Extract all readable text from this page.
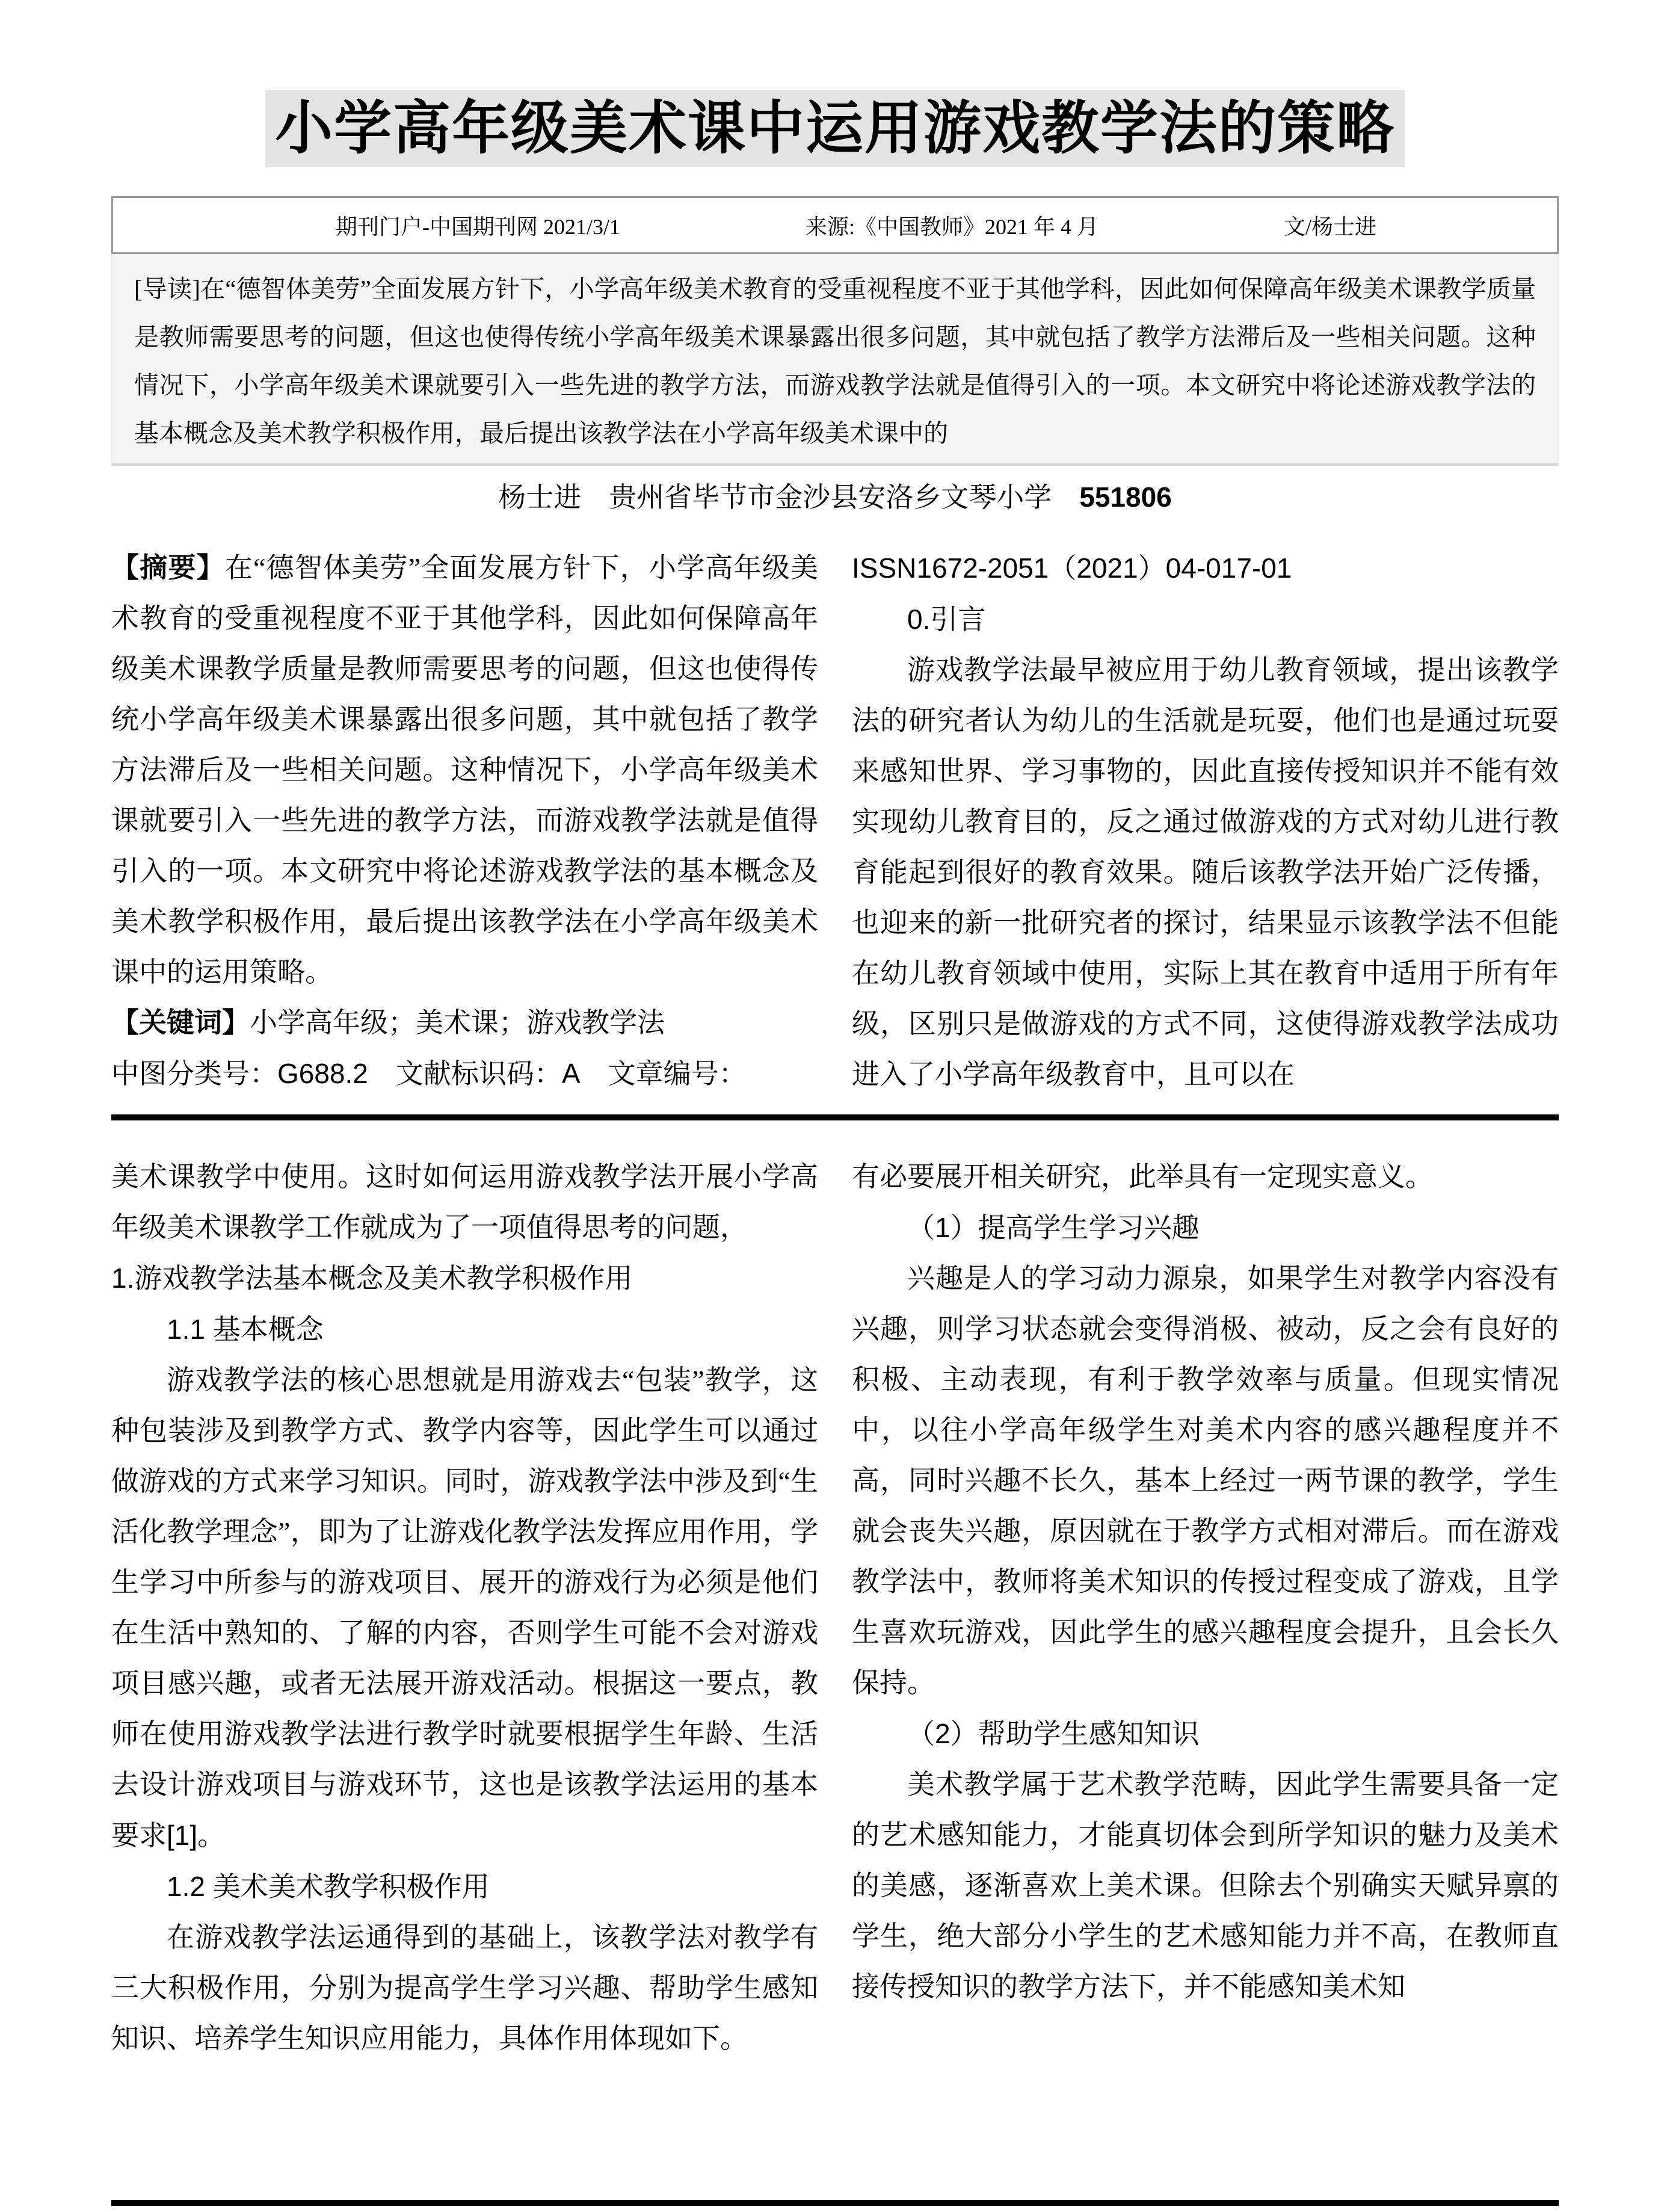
小学高年级美术课中运用游戏教学法的策略
期刊门户-中国期刊网 2021/3/1	来源:《中国教师》2021 年 4 月	文/杨士进
[导读]在“德智体美劳”全面发展方针下，小学高年级美术教育的受重视程度不亚于其他学科，因此如何保障高年级美术课教学质量是教师需要思考的问题，但这也使得传统小学高年级美术课暴露出很多问题，其中就包括了教学方法滞后及一些相关问题。这种情况下，小学高年级美术课就要引入一些先进的教学方法，而游戏教学法就是值得引入的一项。本文研究中将论述游戏教学法的基本概念及美术教学积极作用，最后提出该教学法在小学高年级美术课中的
杨士进 贵州省毕节市金沙县安洛乡文琴小学 551806

【摘要】在“德智体美劳”全面发展方针下，小学高年级美术教育的受重视程度不亚于其他学科，因此如何保障高年级美术课教学质量是教师需要思考的问题，但这也使得传统小学高年级美术课暴露出很多问题，其中就包括了教学方法滞后及一些相关问题。这种情况下，小学高年级美术课就要引入一些先进的教学方法，而游戏教学法就是值得引入的一项。本文研究中将论述游戏教学法的基本概念及美术教学积极作用，最后提出该教学法在小学高年级美术课中的运用策略。

【关键词】小学高年级；美术课；游戏教学法

中图分类号：G688.2　文献标识码：A　文章编号：

ISSN1672-2051（2021）04-017-01

0.引言

游戏教学法最早被应用于幼儿教育领域，提出该教学法的研究者认为幼儿的生活就是玩耍，他们也是通过玩耍来感知世界、学习事物的，因此直接传授知识并不能有效实现幼儿教育目的，反之通过做游戏的方式对幼儿进行教育能起到很好的教育效果。随后该教学法开始广泛传播，也迎来的新一批研究者的探讨，结果显示该教学法不但能在幼儿教育领域中使用，实际上其在教育中适用于所有年级，区别只是做游戏的方式不同，这使得游戏教学法成功进入了小学高年级教育中，且可以在

美术课教学中使用。这时如何运用游戏教学法开展小学高年级美术课教学工作就成为了一项值得思考的问题，

1.游戏教学法基本概念及美术教学积极作用

1.1 基本概念

游戏教学法的核心思想就是用游戏去“包装”教学，这种包装涉及到教学方式、教学内容等，因此学生可以通过做游戏的方式来学习知识。同时，游戏教学法中涉及到“生活化教学理念”，即为了让游戏化教学法发挥应用作用，学生学习中所参与的游戏项目、展开的游戏行为必须是他们在生活中熟知的、了解的内容，否则学生可能不会对游戏项目感兴趣，或者无法展开游戏活动。根据这一要点，教师在使用游戏教学法进行教学时就要根据学生年龄、生活去设计游戏项目与游戏环节，这也是该教学法运用的基本要求[1]。

1.2 美术美术教学积极作用

在游戏教学法运通得到的基础上，该教学法对教学有三大积极作用，分别为提高学生学习兴趣、帮助学生感知知识、培养学生知识应用能力，具体作用体现如下。

有必要展开相关研究，此举具有一定现实意义。

（1）提高学生学习兴趣

兴趣是人的学习动力源泉，如果学生对教学内容没有兴趣，则学习状态就会变得消极、被动，反之会有良好的积极、主动表现，有利于教学效率与质量。但现实情况中，以往小学高年级学生对美术内容的感兴趣程度并不高，同时兴趣不长久，基本上经过一两节课的教学，学生就会丧失兴趣，原因就在于教学方式相对滞后。而在游戏教学法中，教师将美术知识的传授过程变成了游戏，且学生喜欢玩游戏，因此学生的感兴趣程度会提升，且会长久保持。

（2）帮助学生感知知识

美术教学属于艺术教学范畴，因此学生需要具备一定的艺术感知能力，才能真切体会到所学知识的魅力及美术的美感，逐渐喜欢上美术课。但除去个别确实天赋异禀的学生，绝大部分小学生的艺术感知能力并不高，在教师直接传授知识的教学方法下，并不能感知美术知
